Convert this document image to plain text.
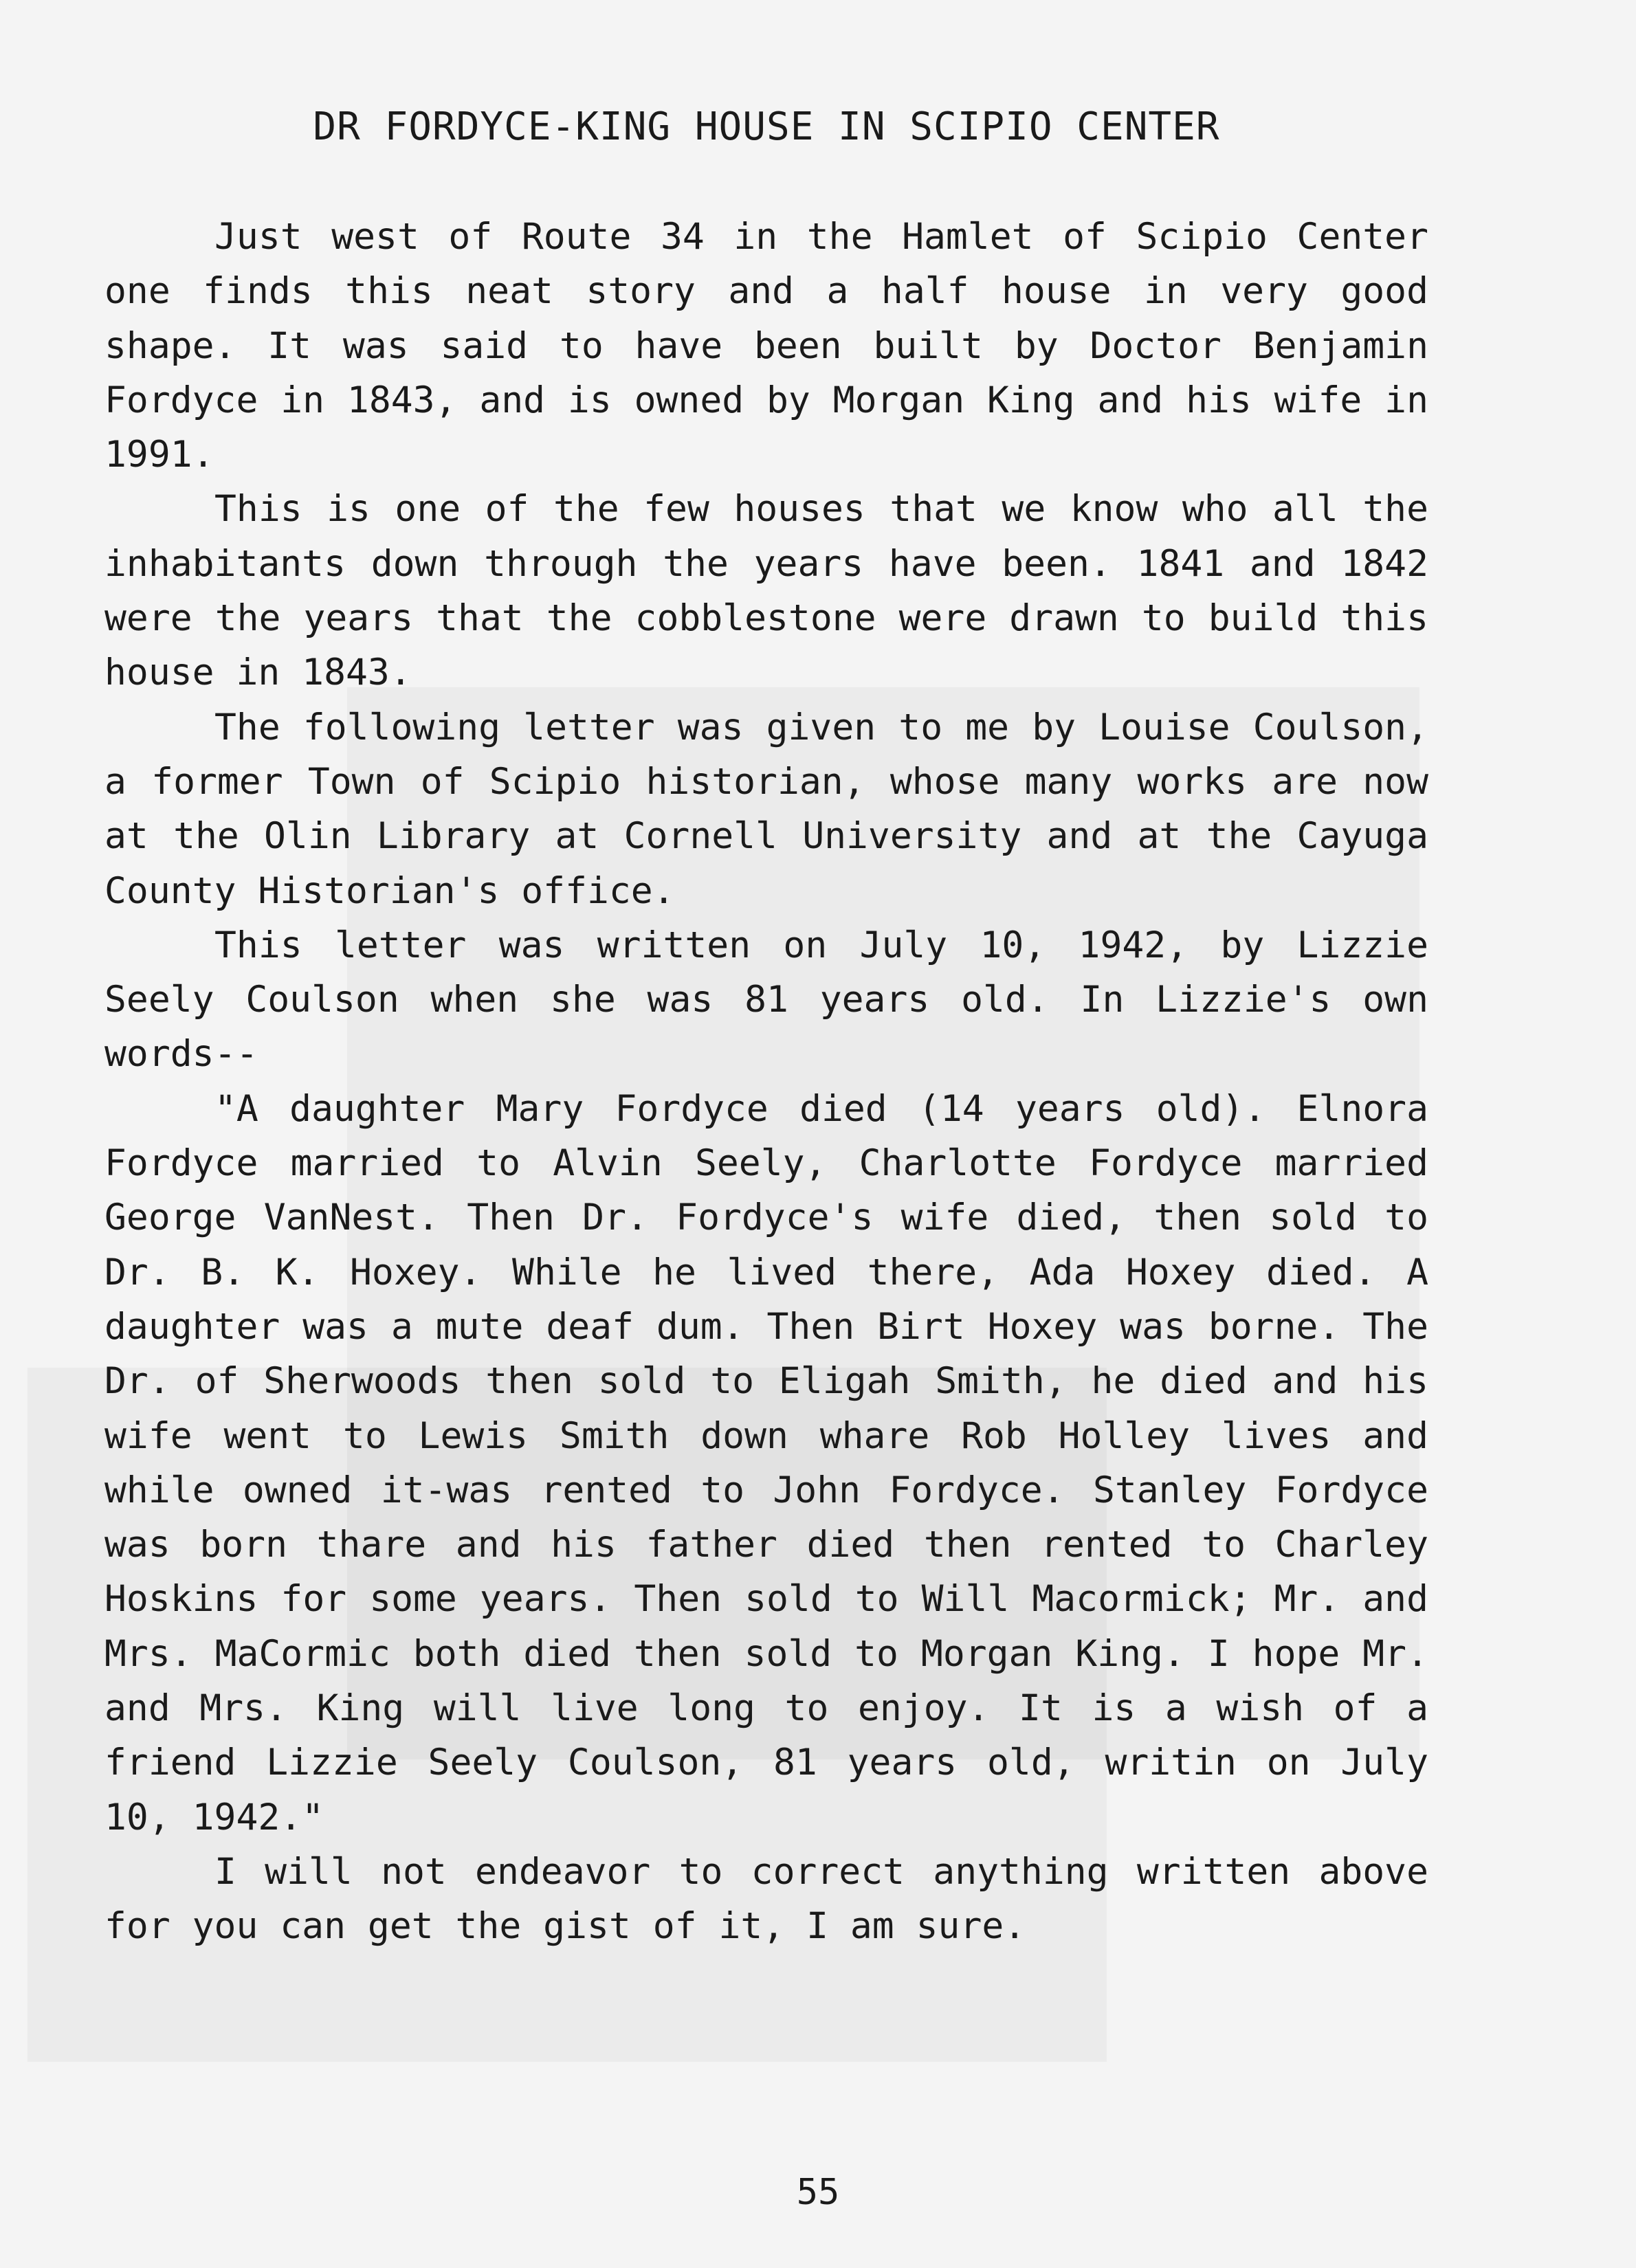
DR FORDYCE-KING HOUSE IN SCIPIO CENTER

Just west of Route 34 in the Hamlet of Scipio Center one finds this neat story and a half house in very good shape. It was said to have been built by Doctor Benjamin Fordyce in 1843, and is owned by Morgan King and his wife in 1991.

This is one of the few houses that we know who all the inhabitants down through the years have been. 1841 and 1842 were the years that the cobblestone were drawn to build this house in 1843.

The following letter was given to me by Louise Coulson, a former Town of Scipio historian, whose many works are now at the Olin Library at Cornell University and at the Cayuga County Historian's office.

This letter was written on July 10, 1942, by Lizzie Seely Coulson when she was 81 years old. In Lizzie's own words--

"A daughter Mary Fordyce died (14 years old). Elnora Fordyce married to Alvin Seely, Charlotte Fordyce married George VanNest. Then Dr. Fordyce's wife died, then sold to Dr. B. K. Hoxey. While he lived there, Ada Hoxey died. A daughter was a mute deaf dum. Then Birt Hoxey was borne. The Dr. of Sherwoods then sold to Eligah Smith, he died and his wife went to Lewis Smith down whare Rob Holley lives and while owned it-was rented to John Fordyce. Stanley Fordyce was born thare and his father died then rented to Charley Hoskins for some years. Then sold to Will Macormick; Mr. and Mrs. MaCormic both died then sold to Morgan King. I hope Mr. and Mrs. King will live long to enjoy. It is a wish of a friend Lizzie Seely Coulson, 81 years old, writin on July 10, 1942."

I will not endeavor to correct anything written above for you can get the gist of it, I am sure.

55
